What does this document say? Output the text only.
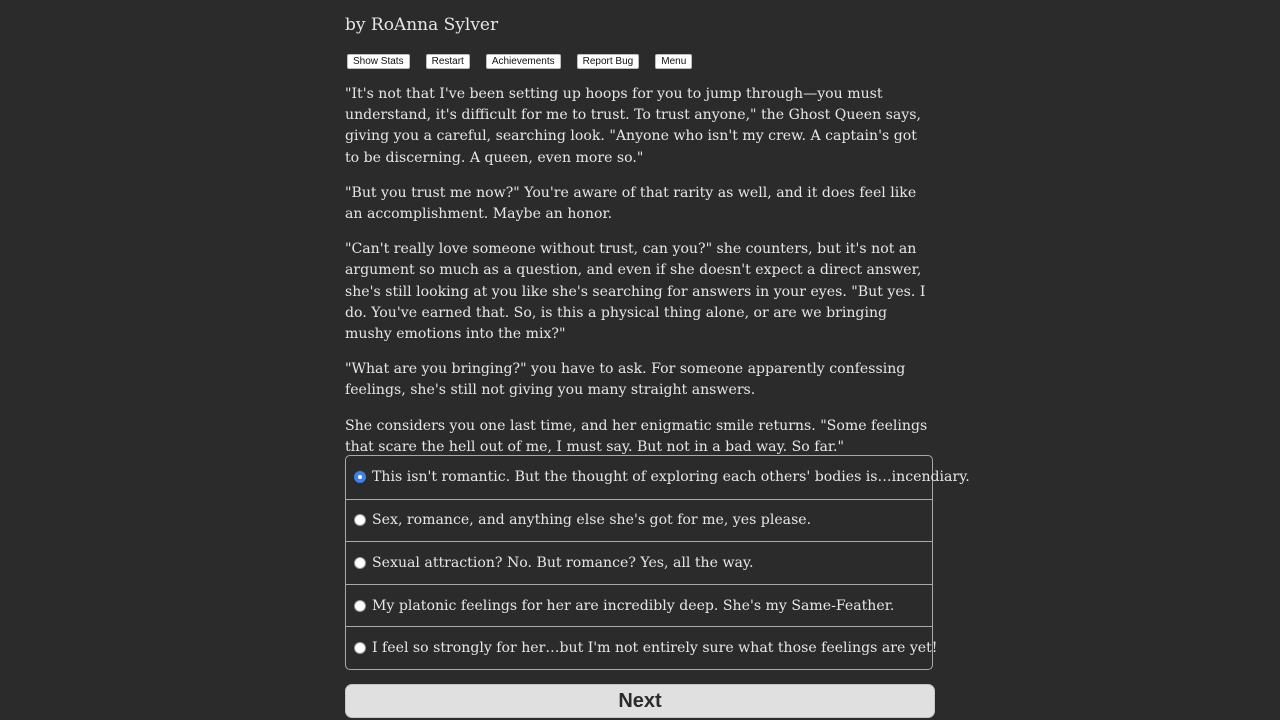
by RoAnna Sylver
Show Stats	Restart	Achievements	Report Bug	Menu

"It's not that I've been setting up hoops for you to jump through—you must understand, it's difficult for me to trust. To trust anyone," the Ghost Queen says, giving you a careful, searching look. "Anyone who isn't my crew. A captain's got to be discerning. A queen, even more so."

"But you trust me now?" You're aware of that rarity as well, and it does feel like an accomplishment. Maybe an honor.

"Can't really love someone without trust, can you?" she counters, but it's not an argument so much as a question, and even if she doesn't expect a direct answer, she's still looking at you like she's searching for answers in your eyes. "But yes. I do. You've earned that. So, is this a physical thing alone, or are we bringing mushy emotions into the mix?"

"What are you bringing?" you have to ask. For someone apparently confessing feelings, she's still not giving you many straight answers.

She considers you one last time, and her enigmatic smile returns. "Some feelings that scare the hell out of me, I must say. But not in a bad way. So far."

This isn't romantic. But the thought of exploring each others' bodies is…incendiary.
Sex, romance, and anything else she's got for me, yes please.
Sexual attraction? No. But romance? Yes, all the way.
My platonic feelings for her are incredibly deep. She's my Same-Feather.
I feel so strongly for her…but I'm not entirely sure what those feelings are yet!
Next
